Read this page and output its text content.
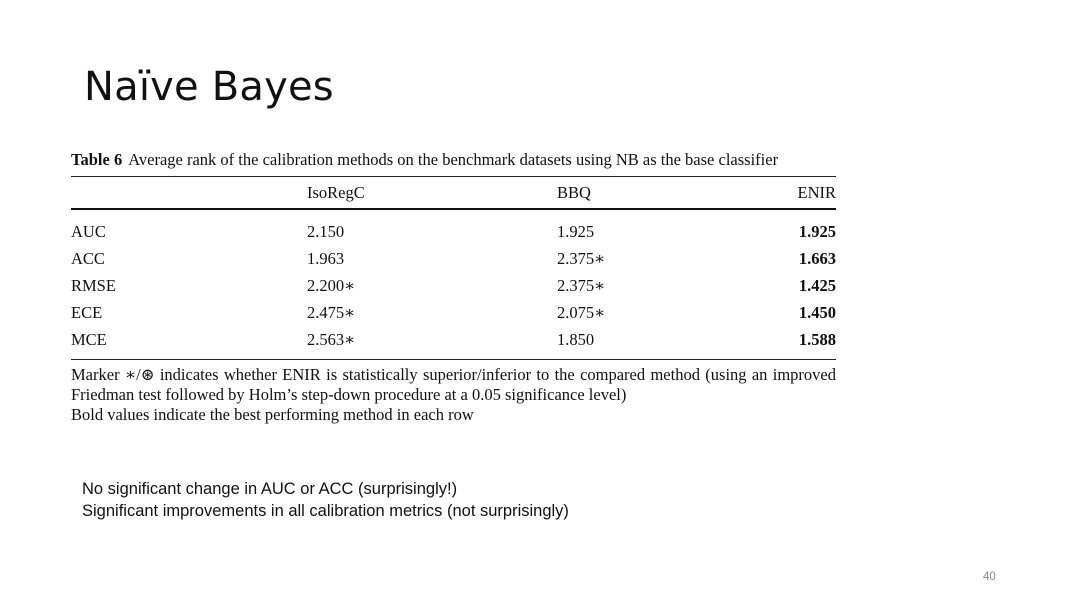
Naïve Bayes
Table 6 Average rank of the calibration methods on the benchmark datasets using NB as the base classifier
	IsoRegC	BBQ	ENIR

AUC	2.150	1.925	1.925
ACC	1.963	2.375∗	1.663
RMSE	2.200∗	2.375∗	1.425
ECE	2.475∗	2.075∗	1.450
MCE	2.563∗	1.850	1.588

Marker ∗/⊛ indicates whether ENIR is statistically superior/inferior to the compared method (using an improved Friedman test followed by Holm’s step-down procedure at a 0.05 significance level)

Bold values indicate the best performing method in each row

No significant change in AUC or ACC (surprisingly!)

Significant improvements in all calibration metrics (not surprisingly)

40
